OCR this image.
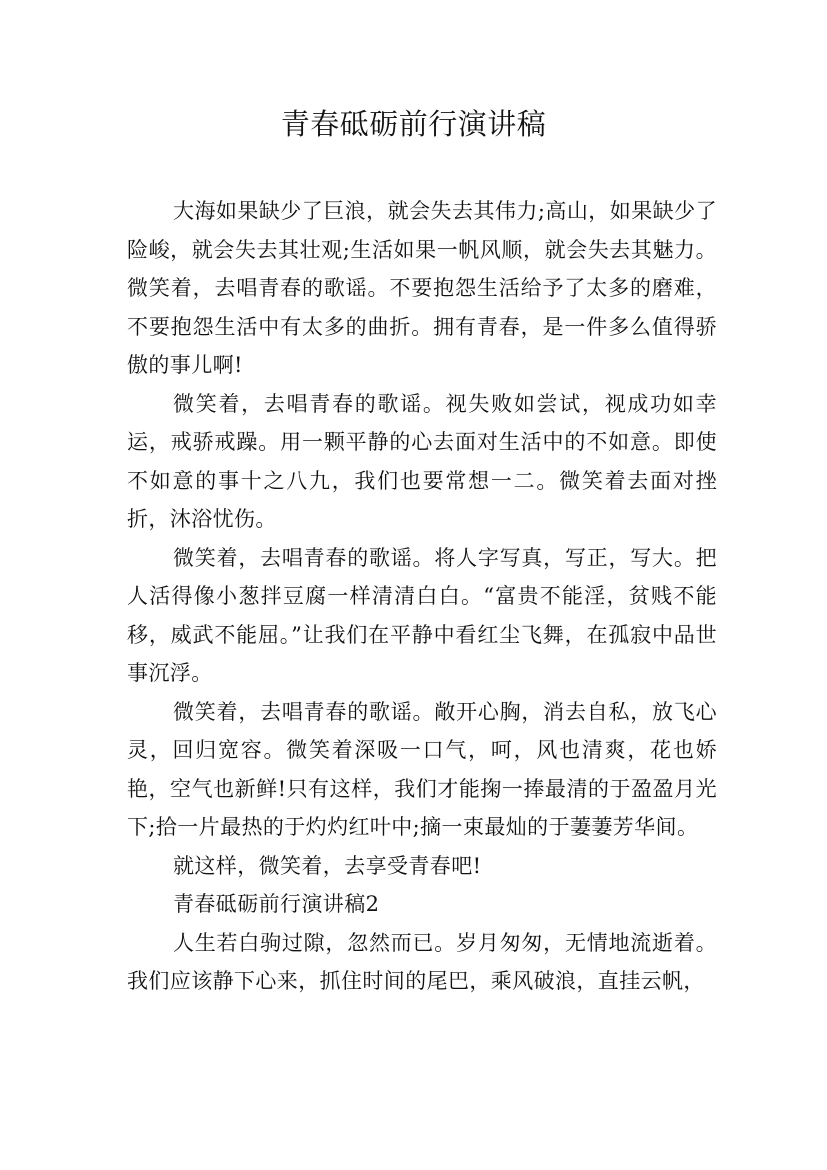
青春砥砺前行演讲稿

大海如果缺少了巨浪，就会失去其伟力;高山，如果缺少了险峻，就会失去其壮观;生活如果一帆风顺，就会失去其魅力。微笑着，去唱青春的歌谣。不要抱怨生活给予了太多的磨难，不要抱怨生活中有太多的曲折。拥有青春，是一件多么值得骄傲的事儿啊!

微笑着，去唱青春的歌谣。视失败如尝试，视成功如幸运，戒骄戒躁。用一颗平静的心去面对生活中的不如意。即使不如意的事十之八九，我们也要常想一二。微笑着去面对挫折，沐浴忧伤。

微笑着，去唱青春的歌谣。将人字写真，写正，写大。把人活得像小葱拌豆腐一样清清白白。“富贵不能淫，贫贱不能移，威武不能屈。”让我们在平静中看红尘飞舞，在孤寂中品世事沉浮。

微笑着，去唱青春的歌谣。敞开心胸，消去自私，放飞心灵，回归宽容。微笑着深吸一口气，呵，风也清爽，花也娇艳，空气也新鲜!只有这样，我们才能掬一捧最清的于盈盈月光下;拾一片最热的于灼灼红叶中;摘一束最灿的于萋萋芳华间。

就这样，微笑着，去享受青春吧!

青春砥砺前行演讲稿2

人生若白驹过隙，忽然而已。岁月匆匆，无情地流逝着。我们应该静下心来，抓住时间的尾巴，乘风破浪，直挂云帆，
